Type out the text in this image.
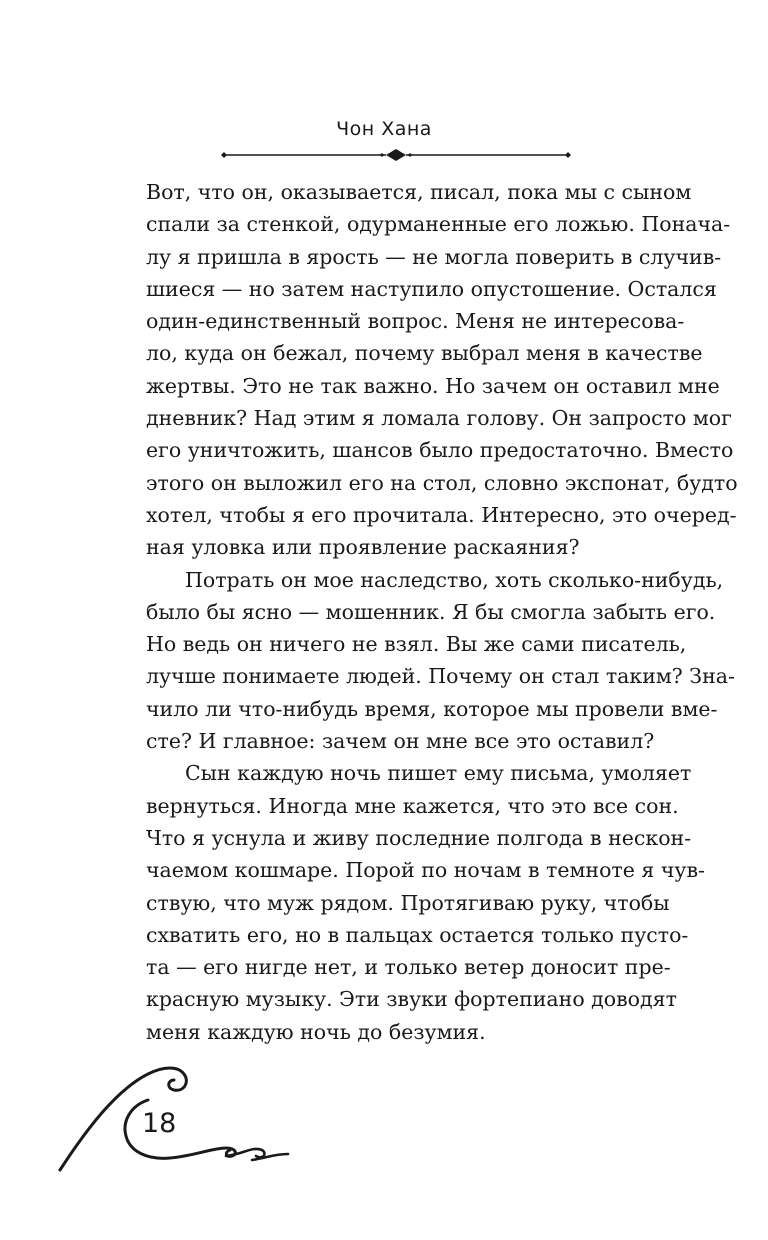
Чон Хана
Вот, что он, оказывается, писал, пока мы с сыном
спали за стенкой, одурманенные его ложью. Понача-
лу я пришла в ярость — не могла поверить в случив-
шиеся — но затем наступило опустошение. Остался
один-единственный вопрос. Меня не интересова-
ло, куда он бежал, почему выбрал меня в качестве
жертвы. Это не так важно. Но зачем он оставил мне
дневник? Над этим я ломала голову. Он запросто мог
его уничтожить, шансов было предостаточно. Вместо
этого он выложил его на стол, словно экспонат, будто
хотел, чтобы я его прочитала. Интересно, это очеред-
ная уловка или проявление раскаяния?
Потрать он мое наследство, хоть сколько-нибудь,
было бы ясно — мошенник. Я бы смогла забыть его.
Но ведь он ничего не взял. Вы же сами писатель,
лучше понимаете людей. Почему он стал таким? Зна-
чило ли что-нибудь время, которое мы провели вме-
сте? И главное: зачем он мне все это оставил?
Сын каждую ночь пишет ему письма, умоляет
вернуться. Иногда мне кажется, что это все сон.
Что я уснула и живу последние полгода в нескон-
чаемом кошмаре. Порой по ночам в темноте я чув-
ствую, что муж рядом. Протягиваю руку, чтобы
схватить его, но в пальцах остается только пусто-
та — его нигде нет, и только ветер доносит пре-
красную музыку. Эти звуки фортепиано доводят
меня каждую ночь до безумия.
18
